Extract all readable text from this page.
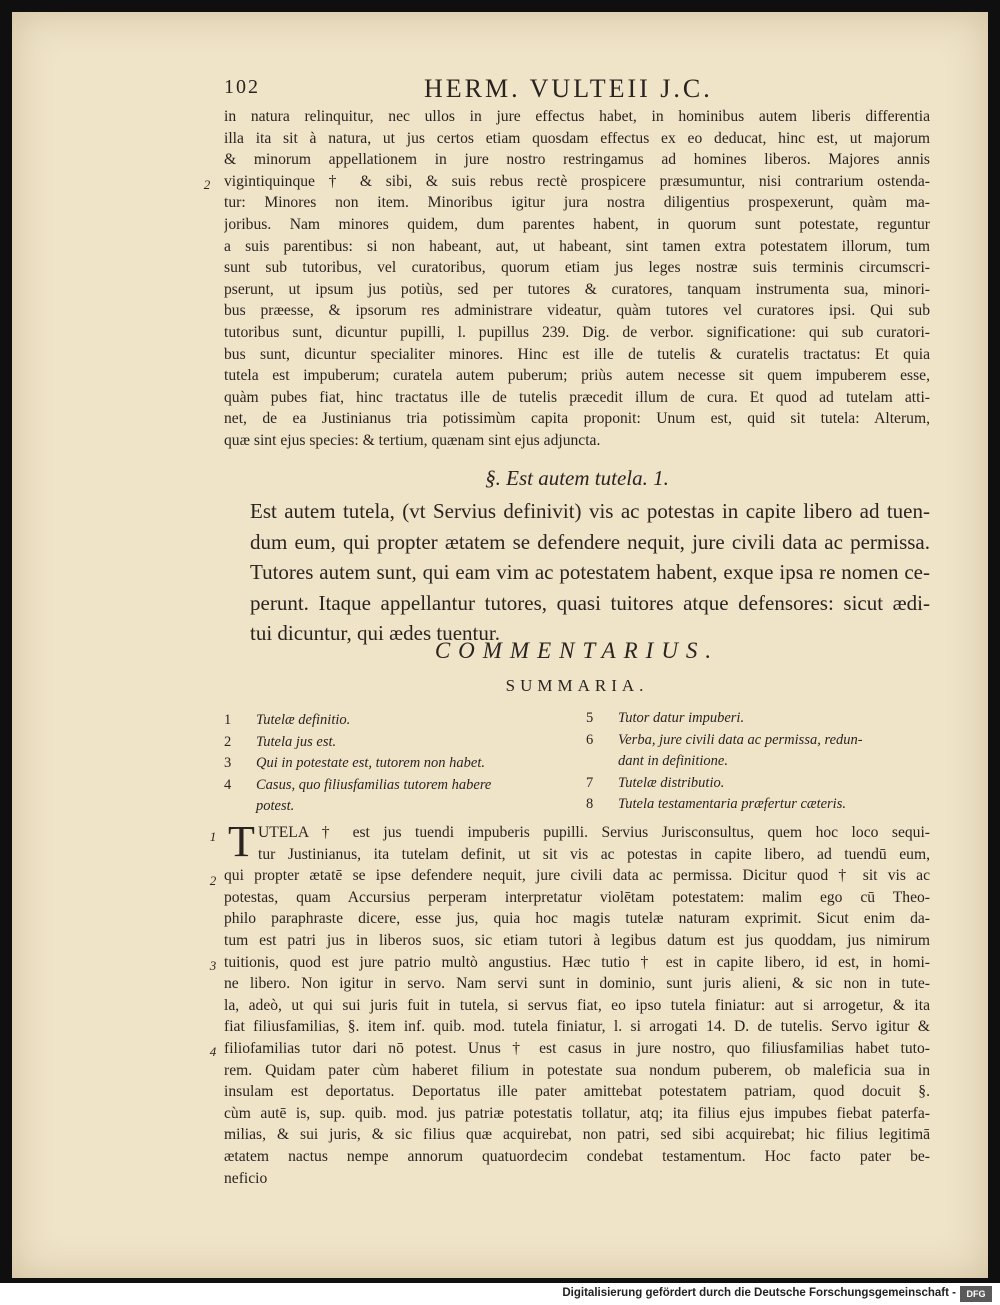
102	HERM. VULTEII J.C.
in natura relinquitur, nec ullos in jure effectus habet, in hominibus autem liberis differentia
illa ita sit à natura, ut jus certos etiam quosdam effectus ex eo deducat, hinc est, ut majorum
& minorum appellationem in jure nostro restringamus ad homines liberos. Majores annis
vigintiquinque † & sibi, & suis rebus rectè prospicere præsumuntur, nisi contrarium ostenda-
tur: Minores non item. Minoribus igitur jura nostra diligentius prospexerunt, quàm ma-
joribus. Nam minores quidem, dum parentes habent, in quorum sunt potestate, reguntur
a suis parentibus: si non habeant, aut, ut habeant, sint tamen extra potestatem illorum, tum
sunt sub tutoribus, vel curatoribus, quorum etiam jus leges nostræ suis terminis circumscri-
pserunt, ut ipsum jus potiùs, sed per tutores & curatores, tanquam instrumenta sua, minori-
bus præesse, & ipsorum res administrare videatur, quàm tutores vel curatores ipsi. Qui sub
tutoribus sunt, dicuntur pupilli, l. pupillus 239. Dig. de verbor. significatione: qui sub curatori-
bus sunt, dicuntur specialiter minores. Hinc est ille de tutelis & curatelis tractatus: Et quia
tutela est impuberum; curatela autem puberum; priùs autem necesse sit quem impuberem esse,
quàm pubes fiat, hinc tractatus ille de tutelis præcedit illum de cura. Et quod ad tutelam atti-
net, de ea Justinianus tria potissimùm capita proponit: Unum est, quid sit tutela: Alterum,
quæ sint ejus species: & tertium, quænam sint ejus adjuncta.
2
§. Est autem tutela. 1.
Est autem tutela, (vt Servius definivit) vis ac potestas in capite libero ad tuen-
dum eum, qui propter ætatem se defendere nequit, jure civili data ac permissa.
Tutores autem sunt, qui eam vim ac potestatem habent, exque ipsa re nomen ce-
perunt. Itaque appellantur tutores, quasi tuitores atque defensores: sicut ædi-
tui dicuntur, qui ædes tuentur.
COMMENTARIUS.
SUMMARIA.
1	Tutelæ definitio.
2	Tutela jus est.
3	Qui in potestate est, tutorem non habet.
4	Casus, quo filiusfamilias tutorem habere
potest.
5	Tutor datur impuberi.
6	Verba, jure civili data ac permissa, redun-
dant in definitione.
7	Tutelæ distributio.
8	Tutela testamentaria præfertur cæteris.
T UTELA † est jus tuendi impuberis pupilli. Servius Jurisconsultus, quem hoc loco sequi-
tur Justinianus, ita tutelam definit, ut sit vis ac potestas in capite libero, ad tuendū eum,
qui propter ætatē se ipse defendere nequit, jure civili data ac permissa. Dicitur quod † sit vis ac
potestas, quam Accursius perperam interpretatur violētam potestatem: malim ego cū Theo-
philo paraphraste dicere, esse jus, quia hoc magis tutelæ naturam exprimit. Sicut enim da-
tum est patri jus in liberos suos, sic etiam tutori à legibus datum est jus quoddam, jus nimirum
tuitionis, quod est jure patrio multò angustius. Hæc tutio † est in capite libero, id est, in homi-
ne libero. Non igitur in servo. Nam servi sunt in dominio, sunt juris alieni, & sic non in tute-
la, adeò, ut qui sui juris fuit in tutela, si servus fiat, eo ipso tutela finiatur: aut si arrogetur, & ita
fiat filiusfamilias, §. item inf. quib. mod. tutela finiatur, l. si arrogati 14. D. de tutelis. Servo igitur &
filiofamilias tutor dari nō potest. Unus † est casus in jure nostro, quo filiusfamilias habet tuto-
rem. Quidam pater cùm haberet filium in potestate sua nondum puberem, ob maleficia sua in
insulam est deportatus. Deportatus ille pater amittebat potestatem patriam, quod docuit §.
cùm autē is, sup. quib. mod. jus patriæ potestatis tollatur, atq; ita filius ejus impubes fiebat paterfa-
milias, & sui juris, & sic filius quæ acquirebat, non patri, sed sibi acquirebat; hic filius legitimā
ætatem nactus nempe annorum quatuordecim condebat testamentum. Hoc facto pater be-
neficio
1
2
3
4
Digitalisierung gefördert durch die Deutsche Forschungsgemeinschaft -	DFG
